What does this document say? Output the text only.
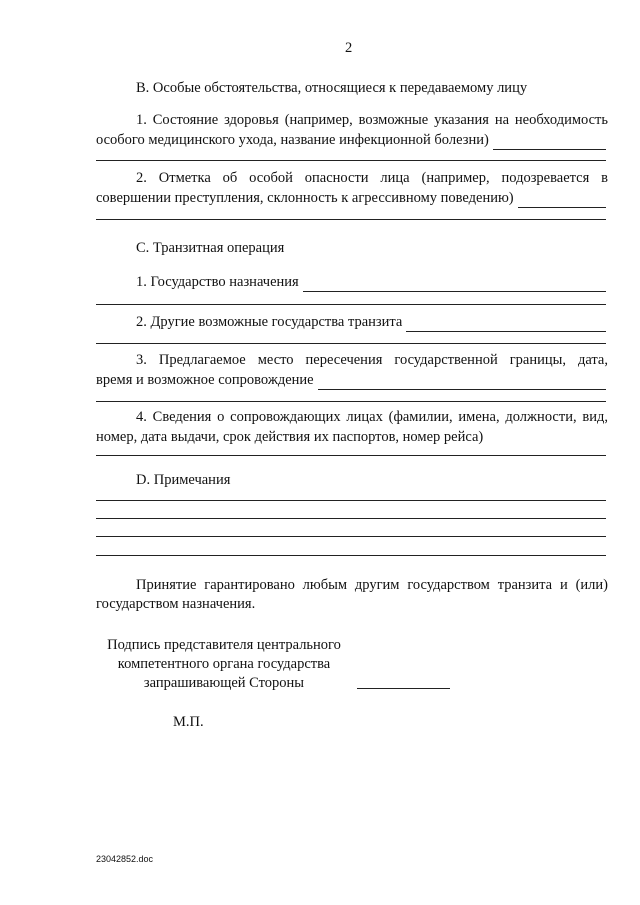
2
B. Особые обстоятельства, относящиеся к передаваемому лицу
1. Состояние здоровья (например, возможные указания на необходимость
особого медицинского ухода, название инфекционной болезни)
2. Отметка об особой опасности лица (например, подозревается в
совершении преступления, склонность к агрессивному поведению)
C. Транзитная операция
1. Государство назначения
2. Другие возможные государства транзита
3. Предлагаемое место пересечения государственной границы, дата,
время и возможное сопровождение
4. Сведения о сопровождающих лицах (фамилии, имена, должности, вид,
номер, дата выдачи, срок действия их паспортов, номер рейса)
D. Примечания
Принятие гарантировано любым другим государством транзита и (или)
государством назначения.
Подпись представителя центрального
компетентного органа государства
запрашивающей Стороны
М.П.
23042852.doc
